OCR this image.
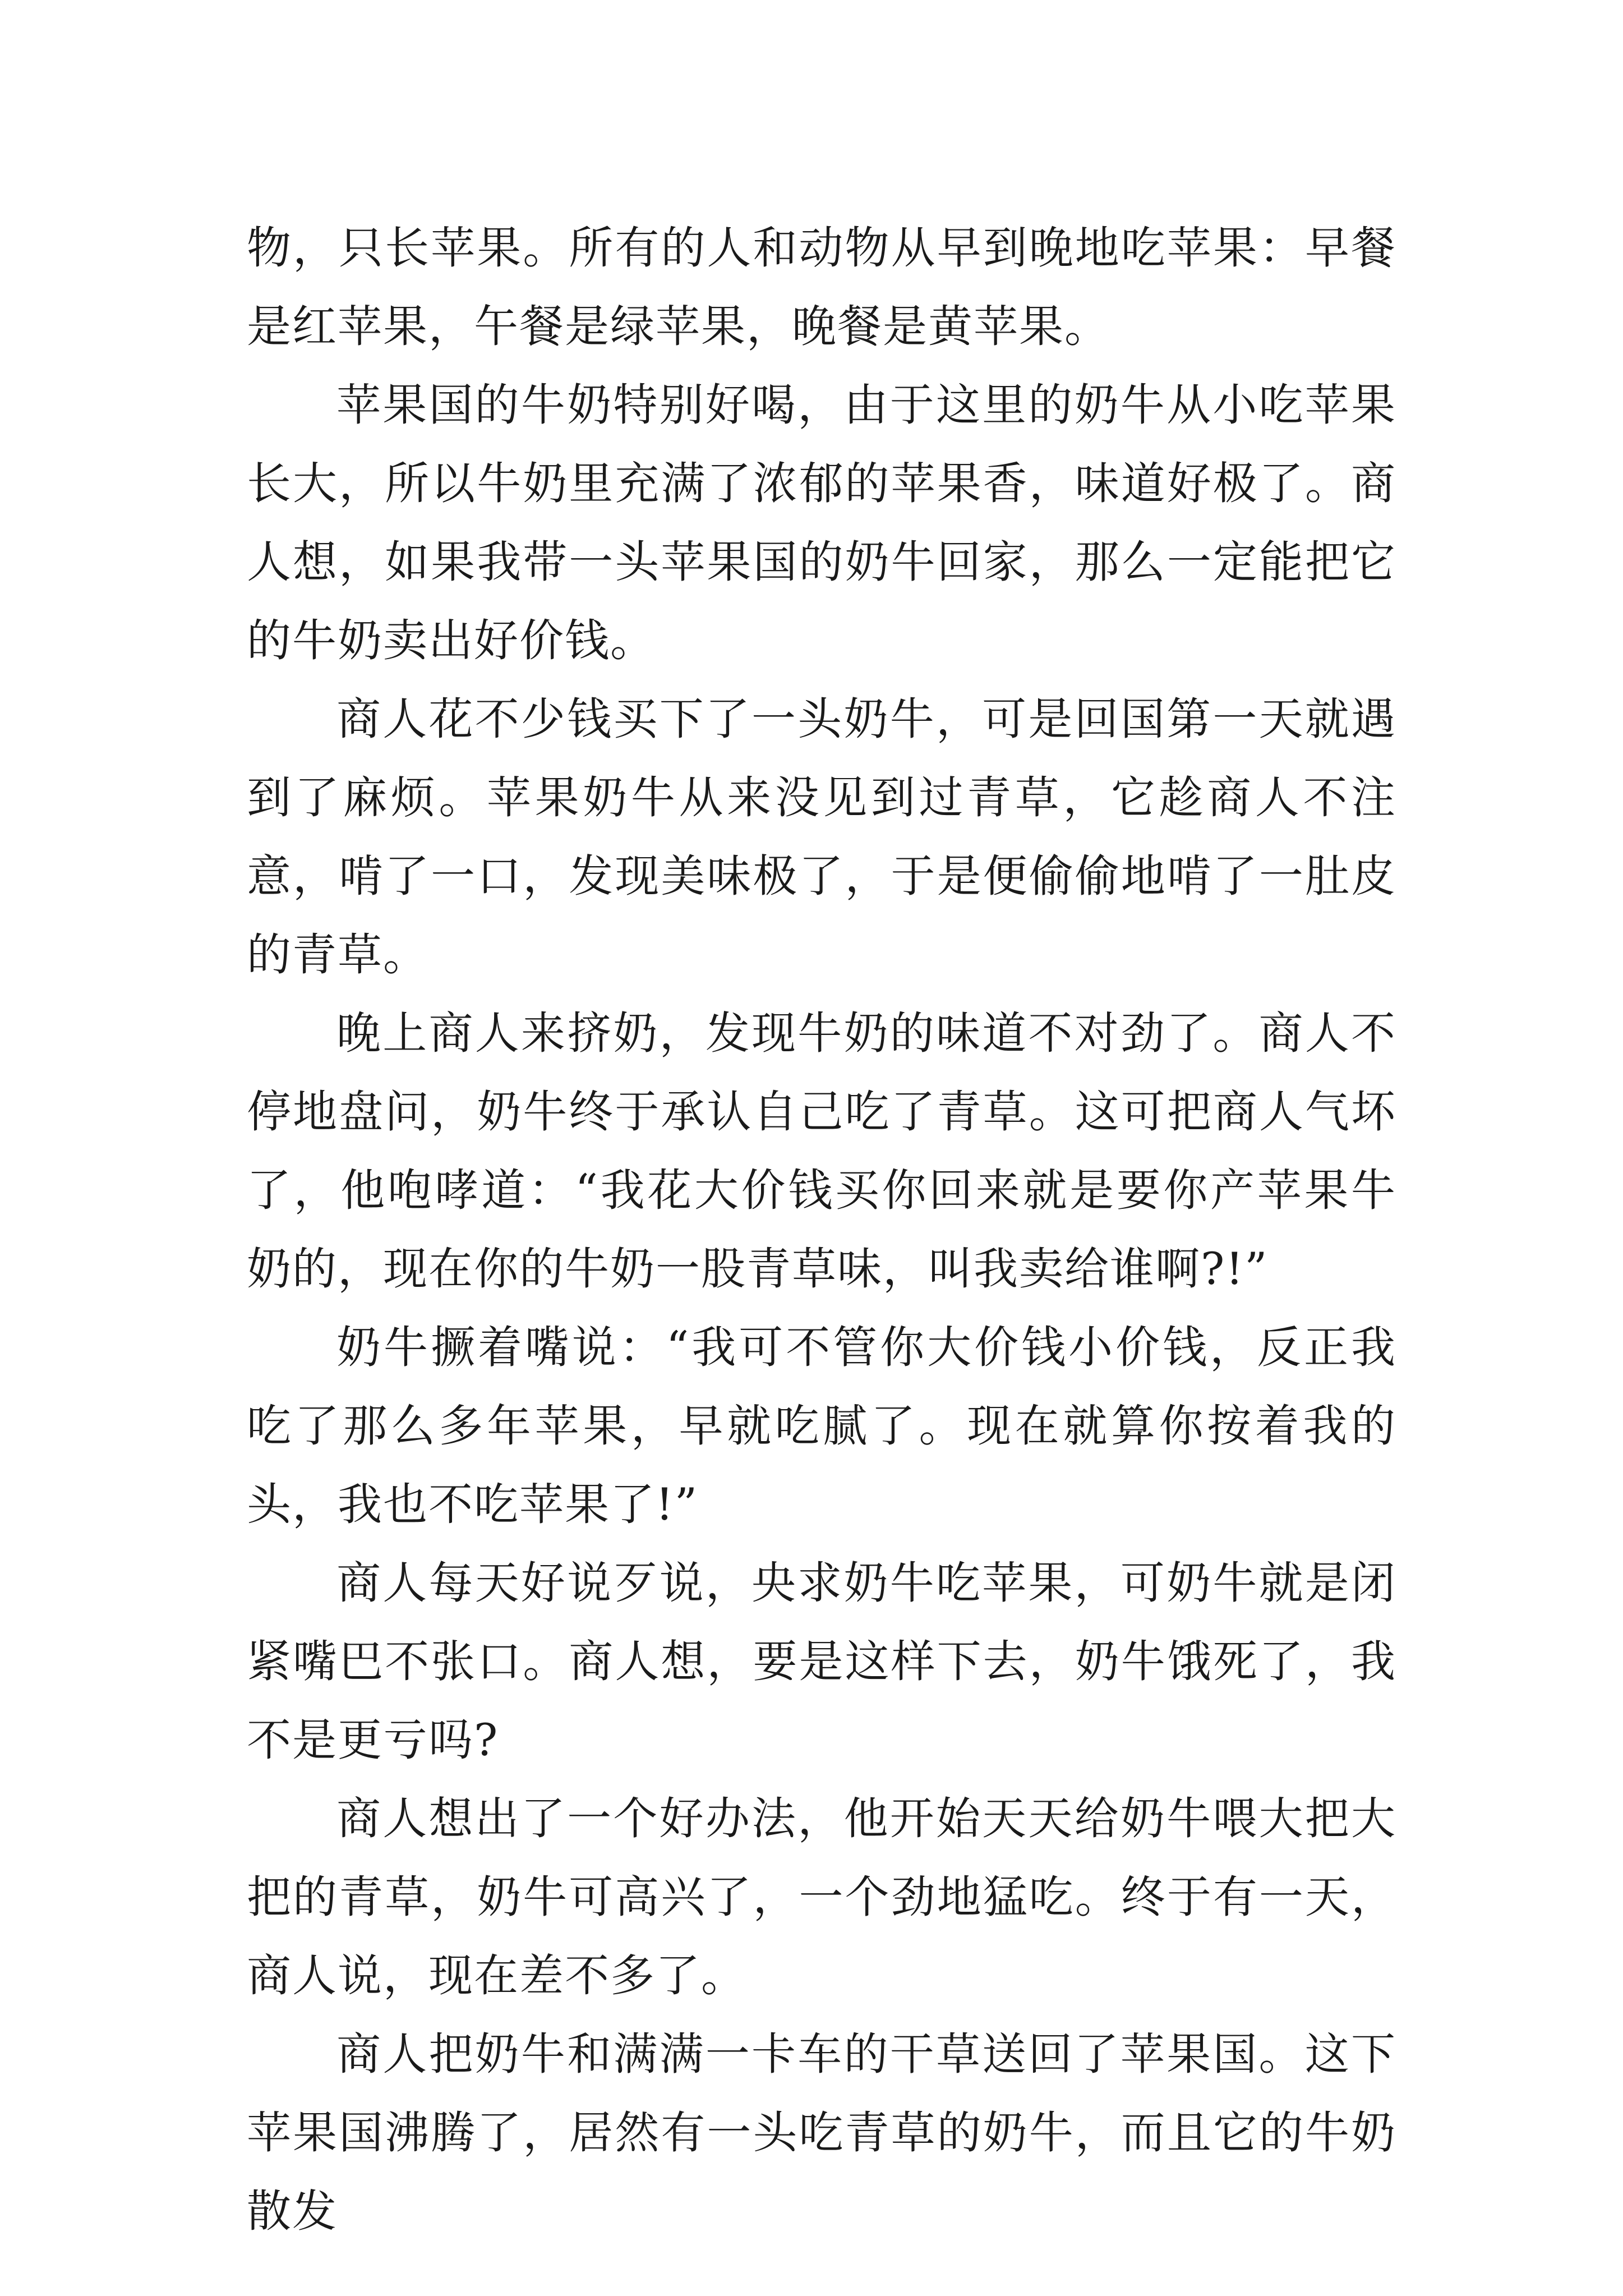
物，只长苹果。所有的人和动物从早到晚地吃苹果：早餐是红苹果，午餐是绿苹果，晚餐是黄苹果。

苹果国的牛奶特别好喝，由于这里的奶牛从小吃苹果长大，所以牛奶里充满了浓郁的苹果香，味道好极了。商人想，如果我带一头苹果国的奶牛回家，那么一定能把它的牛奶卖出好价钱。

商人花不少钱买下了一头奶牛，可是回国第一天就遇到了麻烦。苹果奶牛从来没见到过青草，它趁商人不注意，啃了一口，发现美味极了，于是便偷偷地啃了一肚皮的青草。

晚上商人来挤奶，发现牛奶的味道不对劲了。商人不停地盘问，奶牛终于承认自己吃了青草。这可把商人气坏了，他咆哮道：“我花大价钱买你回来就是要你产苹果牛奶的，现在你的牛奶一股青草味，叫我卖给谁啊?!”

奶牛撅着嘴说：“我可不管你大价钱小价钱，反正我吃了那么多年苹果，早就吃腻了。现在就算你按着我的头，我也不吃苹果了!”

商人每天好说歹说，央求奶牛吃苹果，可奶牛就是闭紧嘴巴不张口。商人想，要是这样下去，奶牛饿死了，我不是更亏吗?

商人想出了一个好办法，他开始天天给奶牛喂大把大把的青草，奶牛可高兴了，一个劲地猛吃。终于有一天，商人说，现在差不多了。

商人把奶牛和满满一卡车的干草送回了苹果国。这下苹果国沸腾了，居然有一头吃青草的奶牛，而且它的牛奶散发
